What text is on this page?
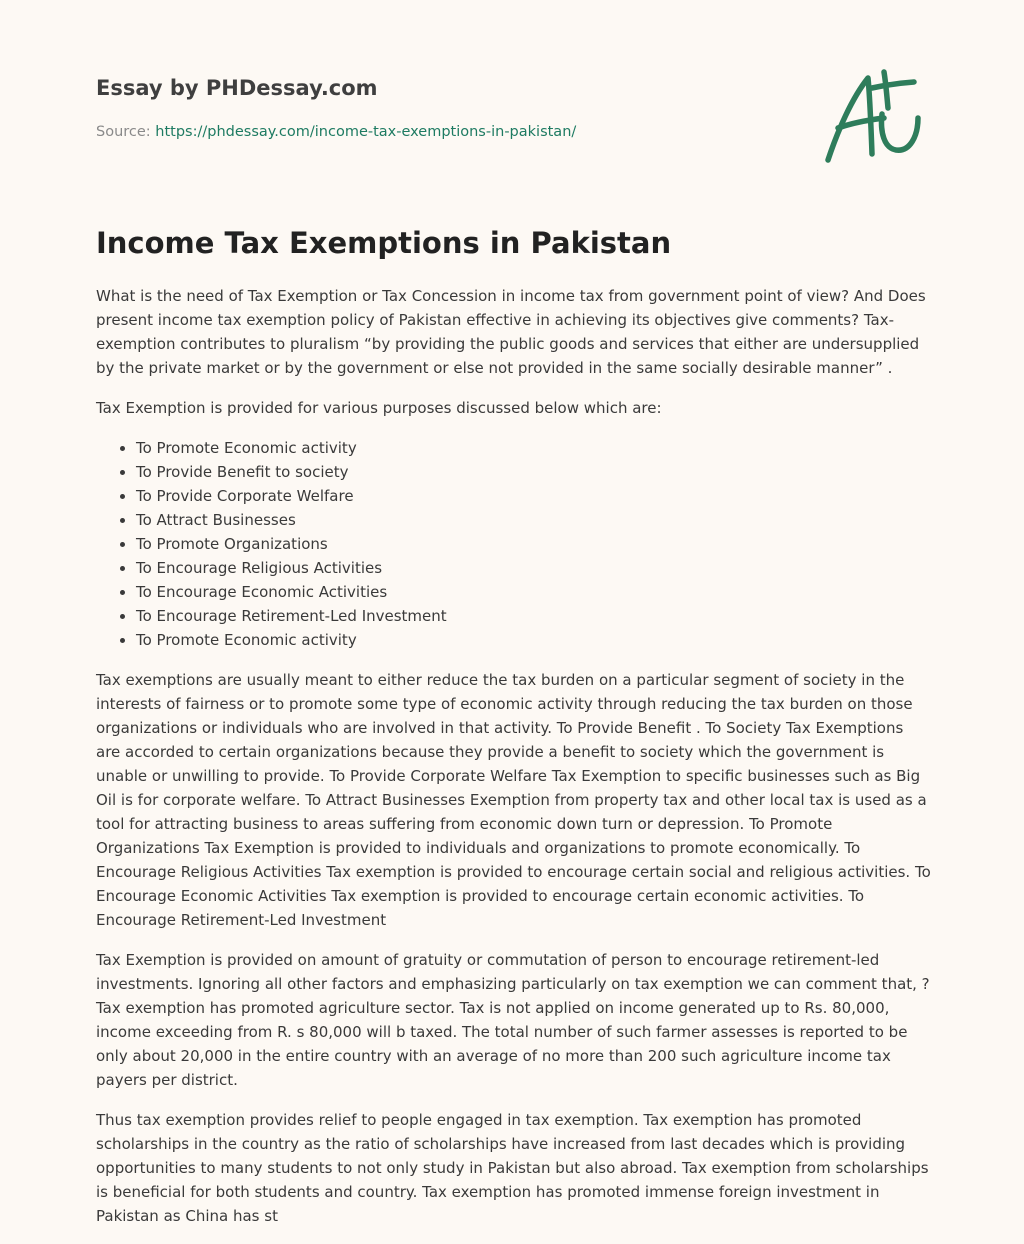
Essay by PHDessay.com
Source: https://phdessay.com/income-tax-exemptions-in-pakistan/
Income Tax Exemptions in Pakistan

What is the need of Tax Exemption or Tax Concession in income tax from government point of view? And Does present income tax exemption policy of Pakistan effective in achieving its objectives give comments? Tax-exemption contributes to pluralism “by providing the public goods and services that either are undersupplied by the private market or by the government or else not provided in the same socially desirable manner” .

Tax Exemption is provided for various purposes discussed below which are:

• To Promote Economic activity
• To Provide Benefit to society
• To Provide Corporate Welfare
• To Attract Businesses
• To Promote Organizations
• To Encourage Religious Activities
• To Encourage Economic Activities
• To Encourage Retirement-Led Investment
• To Promote Economic activity

Tax exemptions are usually meant to either reduce the tax burden on a particular segment of society in the interests of fairness or to promote some type of economic activity through reducing the tax burden on those organizations or individuals who are involved in that activity. To Provide Benefit . To Society Tax Exemptions are accorded to certain organizations because they provide a benefit to society which the government is unable or unwilling to provide. To Provide Corporate Welfare Tax Exemption to specific businesses such as Big Oil is for corporate welfare. To Attract Businesses Exemption from property tax and other local tax is used as a tool for attracting business to areas suffering from economic down turn or depression. To Promote Organizations Tax Exemption is provided to individuals and organizations to promote economically. To Encourage Religious Activities Tax exemption is provided to encourage certain social and religious activities. To Encourage Economic Activities Tax exemption is provided to encourage certain economic activities. To Encourage Retirement-Led Investment

Tax Exemption is provided on amount of gratuity or commutation of person to encourage retirement-led investments. Ignoring all other factors and emphasizing particularly on tax exemption we can comment that, ? Tax exemption has promoted agriculture sector. Tax is not applied on income generated up to Rs. 80,000, income exceeding from R. s 80,000 will b taxed. The total number of such farmer assesses is reported to be only about 20,000 in the entire country with an average of no more than 200 such agriculture income tax payers per district.

Thus tax exemption provides relief to people engaged in tax exemption. Tax exemption has promoted scholarships in the country as the ratio of scholarships have increased from last decades which is providing opportunities to many students to not only study in Pakistan but also abroad. Tax exemption from scholarships is beneficial for both students and country. Tax exemption has promoted immense foreign investment in Pakistan as China has st
